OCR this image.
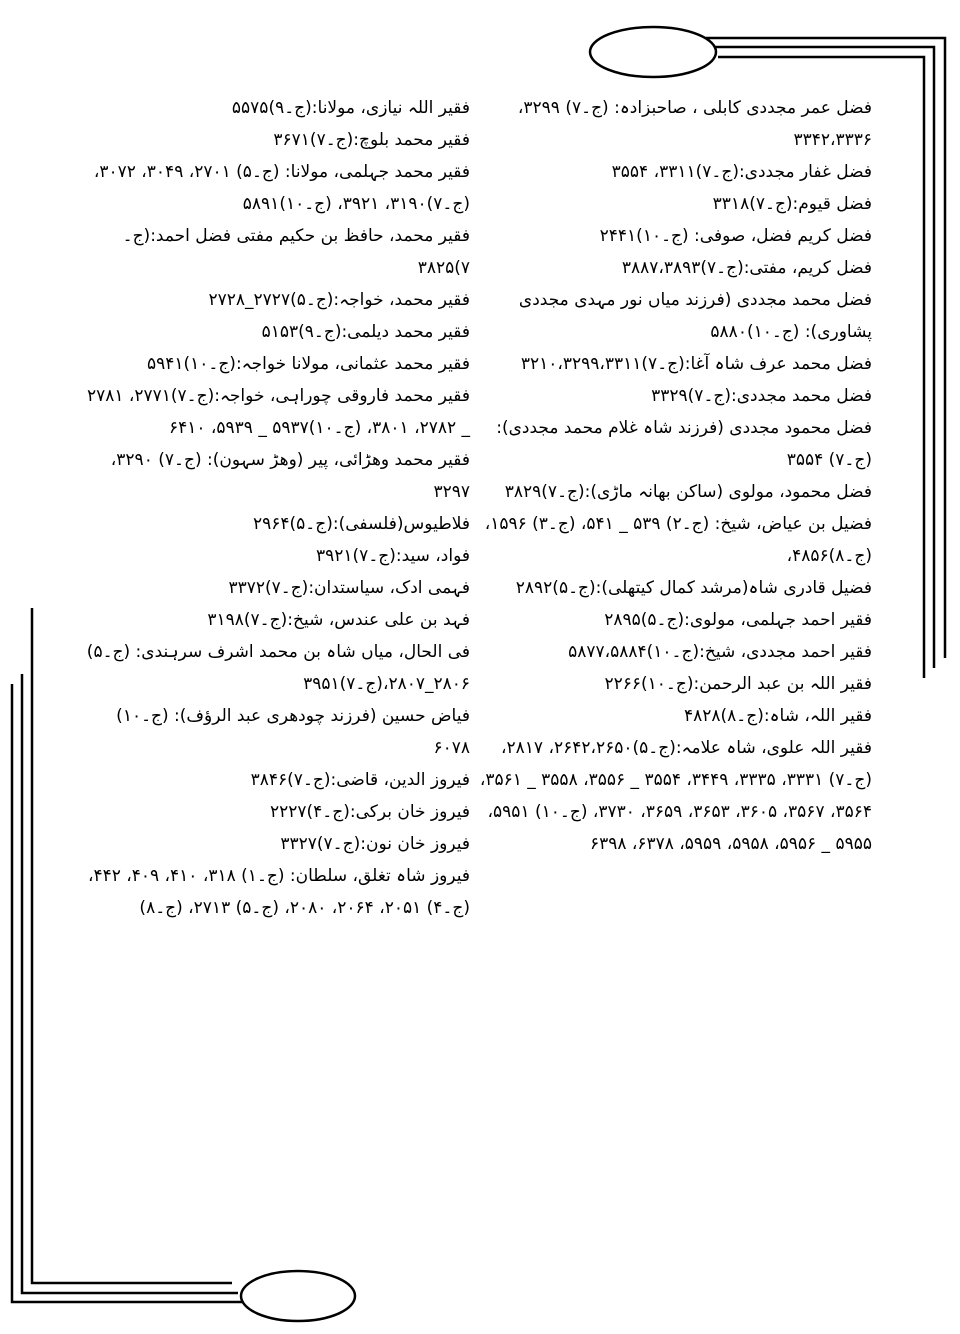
فضل عمر مجددی کابلی ، صاحبزادہ: (ج۔۷) ۳۲۹۹، ۳۳۴۲،۳۳۳۶
فضل غفار مجددی:(ج۔۷)۳۳۱۱، ۳۵۵۴
فضل قیوم:(ج۔۷)۳۳۱۸
فضل کریم فضل، صوفی: (ج۔۱۰)۲۴۴۱
فضل کریم، مفتی:(ج۔۷)۳۸۸۷،۳۸۹۳
فضل محمد مجددی (فرزند میاں نور مہدی مجددی پشاوری): (ج۔۱۰)۵۸۸۰
فضل محمد عرف شاہ آغا:(ج۔۷)۳۲۱۰،۳۲۹۹،۳۳۱۱
فضل محمد مجددی:(ج۔۷)۳۳۲۹
فضل محمود مجددی (فرزند شاہ غلام محمد مجددی): (ج۔۷) ۳۵۵۴
فضل محمود، مولوی (ساکن بھانہ ماڑی):(ج۔۷)۳۸۲۹
فضیل بن عیاض، شیخ: (ج۔۲) ۵۳۹ _ ۵۴۱، (ج۔۳) ۱۵۹۶،(ج۔۸)۴۸۵۶،
فضیل قادری شاہ(مرشد کمال کیتھلی):(ج۔۵)۲۸۹۲
فقیر احمد جہلمی، مولوی:(ج۔۵)۲۸۹۵
فقیر احمد مجددی، شیخ:(ج۔۱۰)۵۸۷۷،۵۸۸۴
فقیر اللہ بن عبد الرحمن:(ج۔۱۰)۲۲۶۶
فقیر اللہ، شاہ:(ج۔۸)۴۸۲۸
فقیر اللہ علوی، شاہ علامہ:(ج۔۵)۲۶۴۲،۲۶۵۰، ۲۸۱۷، (ج۔۷) ۳۳۳۱، ۳۳۳۵، ۳۴۴۹، ۳۵۵۴ _ ۳۵۵۶، ۳۵۵۸ _ ۳۵۶۱، ۳۵۶۴، ۳۵۶۷، ۳۶۰۵، ۳۶۵۳، ۳۶۵۹، ۳۷۳۰، (ج۔۱۰) ۵۹۵۱، ۵۹۵۵ _ ۵۹۵۶، ۵۹۵۸، ۵۹۵۹، ۶۳۷۸، ۶۳۹۸
فقیر اللہ نیازی، مولانا:(ج۔۹)۵۵۷۵
فقیر محمد بلوچ:(ج۔۷)۳۶۷۱
فقیر محمد جہلمی، مولانا: (ج۔۵) ۲۷۰۱، ۳۰۴۹، ۳۰۷۲، (ج۔۷)۳۱۹۰، ۳۹۲۱، (ج۔۱۰)۵۸۹۱
فقیر محمد، حافظ بن حکیم مفتی فضل احمد:(ج۔۷)۳۸۲۵
فقیر محمد، خواجہ:(ج۔۵)۲۷۲۷_۲۷۲۸
فقیر محمد دیلمی:(ج۔۹)۵۱۵۳
فقیر محمد عثمانی، مولانا خواجہ:(ج۔۱۰)۵۹۴۱
فقیر محمد فاروقی چوراہی، خواجہ:(ج۔۷)۲۷۷۱، ۲۷۸۱ _ ۲۷۸۲، ۳۸۰۱، (ج۔۱۰)۵۹۳۷ _ ۵۹۳۹، ۶۴۱۰
فقیر محمد وھڑائی، پیر (وھڑ سہون): (ج۔۷) ۳۲۹۰، ۳۲۹۷
فلاطیوس(فلسفی):(ج۔۵)۲۹۶۴
فواد، سید:(ج۔۷)۳۹۲۱
فہمی ادک، سیاستدان:(ج۔۷)۳۳۷۲
فہد بن علی عندس، شیخ:(ج۔۷)۳۱۹۸
فی الحال، میاں شاہ بن محمد اشرف سرہندی: (ج۔۵) ۲۸۰۶_۲۸۰۷،(ج۔۷)۳۹۵۱
فیاض حسین (فرزند چودھری عبد الرؤف): (ج۔۱۰) ۶۰۷۸
فیروز الدین، قاضی:(ج۔۷)۳۸۴۶
فیروز خان برکی:(ج۔۴)۲۲۲۷
فیروز خان نون:(ج۔۷)۳۳۲۷
فیروز شاہ تغلق، سلطان: (ج۔۱) ۳۱۸، ۴۱۰، ۴۰۹، ۴۴۲، (ج۔۴) ۲۰۵۱، ۲۰۶۴، ۲۰۸۰، (ج۔۵) ۲۷۱۳، (ج۔۸)
